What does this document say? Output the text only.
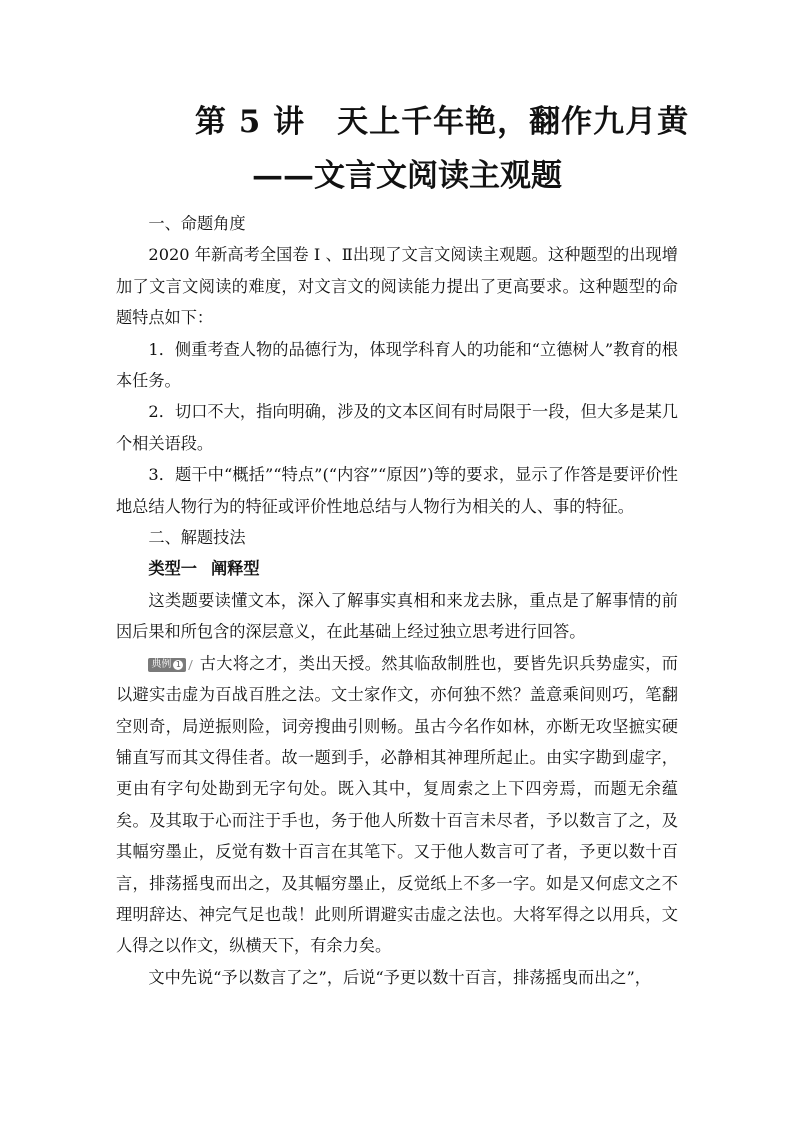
第 5 讲　天上千年艳，翻作九月黄
——文言文阅读主观题

一、命题角度

2020 年新高考全国卷 Ⅰ 、Ⅱ出现了文言文阅读主观题。这种题型的出现增加了文言文阅读的难度，对文言文的阅读能力提出了更高要求。这种题型的命题特点如下：

1．侧重考查人物的品德行为，体现学科育人的功能和“立德树人”教育的根本任务。

2．切口不大，指向明确，涉及的文本区间有时局限于一段，但大多是某几个相关语段。

3．题干中“概括”“特点”(“内容”“原因”)等的要求，显示了作答是要评价性地总结人物行为的特征或评价性地总结与人物行为相关的人、事的特征。

二、解题技法

类型一 阐释型

这类题要读懂文本，深入了解事实真相和来龙去脉，重点是了解事情的前因后果和所包含的深层意义，在此基础上经过独立思考进行回答。

典例 1 古大将之才，类出天授。然其临敌制胜也，要皆先识兵势虚实，而以避实击虚为百战百胜之法。文士家作文，亦何独不然？盖意乘间则巧，笔翻空则奇，局逆振则险，词旁搜曲引则畅。虽古今名作如林，亦断无攻坚摭实硬铺直写而其文得佳者。故一题到手，必静相其神理所起止。由实字勘到虚字，更由有字句处勘到无字句处。既入其中，复周索之上下四旁焉，而题无余蕴矣。及其取于心而注于手也，务于他人所数十百言未尽者，予以数言了之，及其幅穷墨止，反觉有数十百言在其笔下。又于他人数言可了者，予更以数十百言，排荡摇曳而出之，及其幅穷墨止，反觉纸上不多一字。如是又何虑文之不理明辞达、神完气足也哉！此则所谓避实击虚之法也。大将军得之以用兵，文人得之以作文，纵横天下，有余力矣。

文中先说“予以数言了之”，后说“予更以数十百言，排荡摇曳而出之”，
